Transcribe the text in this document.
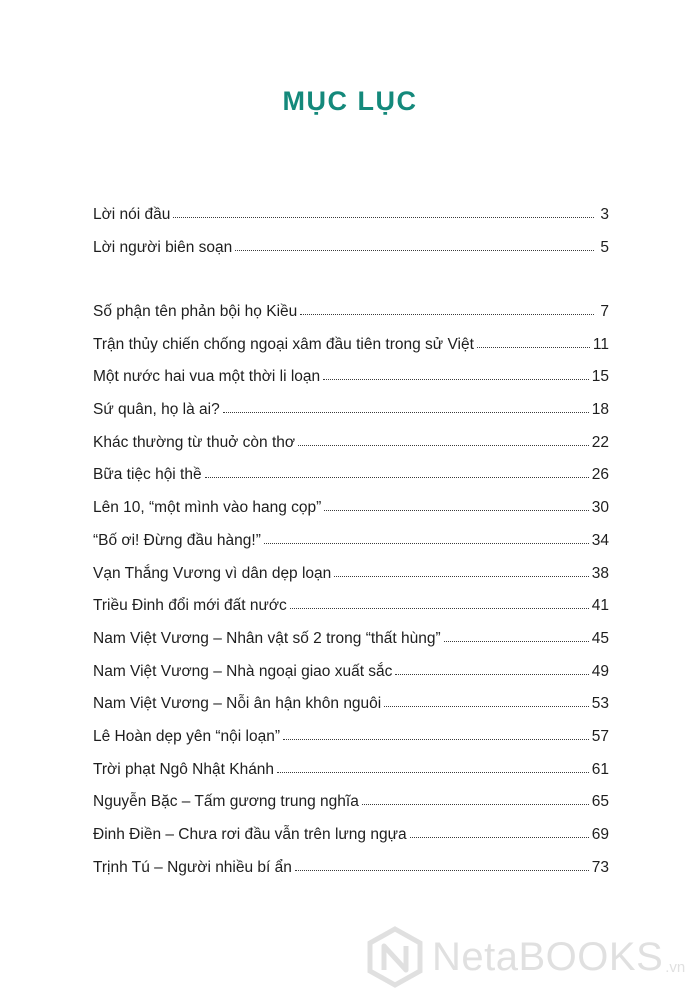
MỤC LỤC
Lời nói đầu	3
Lời người biên soạn	5
Số phận tên phản bội họ Kiều	7
Trận thủy chiến chống ngoại xâm đầu tiên trong sử Việt	11
Một nước hai vua một thời li loạn	15
Sứ quân, họ là ai?	18
Khác thường từ thuở còn thơ	22
Bữa tiệc hội thề	26
Lên 10, “một mình vào hang cọp”	30
“Bố ơi! Đừng đầu hàng!”	34
Vạn Thắng Vương vì dân dẹp loạn	38
Triều Đinh đổi mới đất nước	41
Nam Việt Vương – Nhân vật số 2 trong “thất hùng”	45
Nam Việt Vương – Nhà ngoại giao xuất sắc	49
Nam Việt Vương – Nỗi ân hận khôn nguôi	53
Lê Hoàn dẹp yên “nội loạn”	57
Trời phạt Ngô Nhật Khánh	61
Nguyễn Bặc – Tấm gương trung nghĩa	65
Đinh Điền – Chưa rơi đầu vẫn trên lưng ngựa	69
Trịnh Tú – Người nhiều bí ẩn	73
NetaBOOKS .vn
